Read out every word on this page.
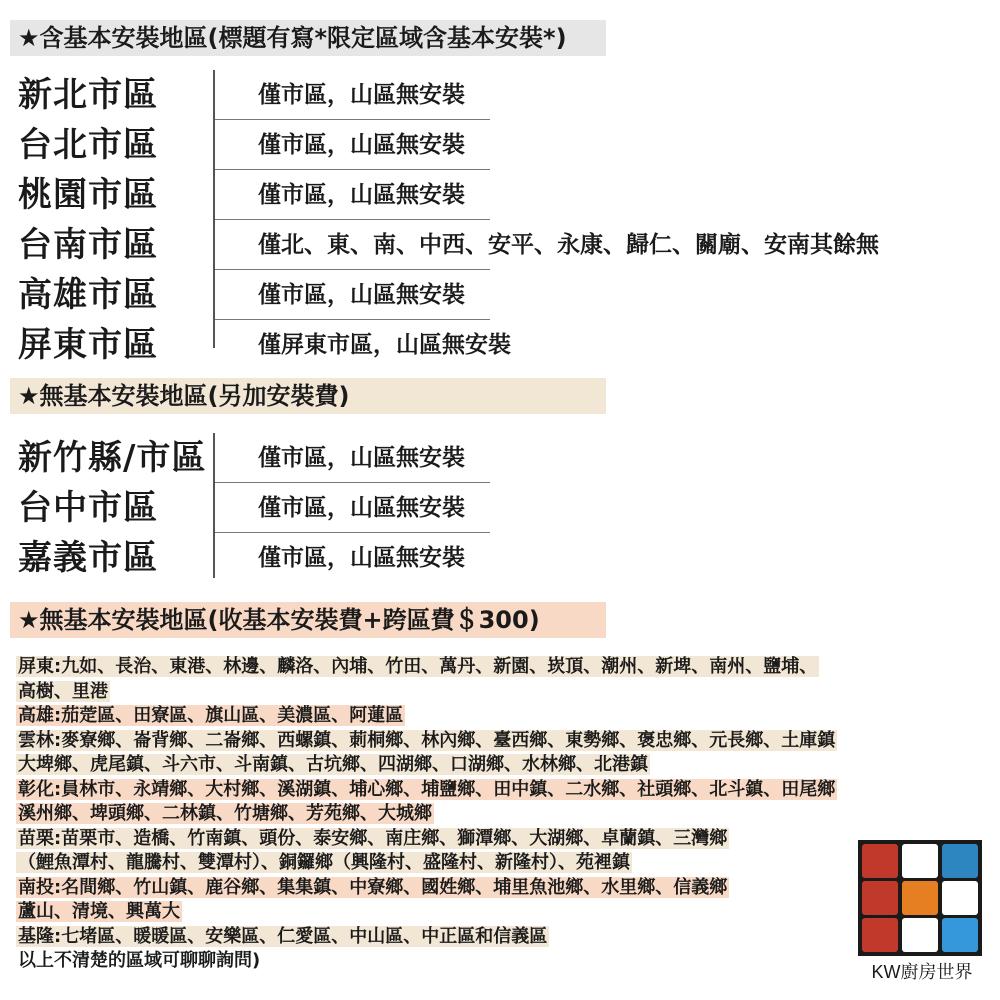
★含基本安裝地區(標題有寫*限定區域含基本安裝*)
新北市區	僅市區，山區無安裝
台北市區	僅市區，山區無安裝
桃園市區	僅市區，山區無安裝
台南市區	僅北、東、南、中西、安平、永康、歸仁、關廟、安南其餘無
高雄市區	僅市區，山區無安裝
屏東市區	僅屏東市區，山區無安裝
★無基本安裝地區(另加安裝費)
新竹縣/市區 僅市區，山區無安裝
台中市區	僅市區，山區無安裝
嘉義市區	僅市區，山區無安裝
★無基本安裝地區(收基本安裝費+跨區費＄300)
屏東:九如、長治、東港、林邊、麟洛、內埔、竹田、萬丹、新園、崁頂、潮州、新埤、南州、鹽埔、
高樹、里港
高雄:茄萣區、田寮區、旗山區、美濃區、阿蓮區
雲林:麥寮鄉、崙背鄉、二崙鄉、西螺鎮、莿桐鄉、林內鄉、臺西鄉、東勢鄉、褒忠鄉、元長鄉、土庫鎮
大埤鄉、虎尾鎮、斗六市、斗南鎮、古坑鄉、四湖鄉、口湖鄉、水林鄉、北港鎮
彰化:員林市、永靖鄉、大村鄉、溪湖鎮、埔心鄉、埔鹽鄉、田中鎮、二水鄉、社頭鄉、北斗鎮、田尾鄉
溪州鄉、埤頭鄉、二林鎮、竹塘鄉、芳苑鄉、大城鄉
苗栗:苗栗市、造橋、竹南鎮、頭份、泰安鄉、南庄鄉、獅潭鄉、大湖鄉、卓蘭鎮、三灣鄉
（鯉魚潭村、龍騰村、雙潭村）、銅鑼鄉（興隆村、盛隆村、新隆村）、苑裡鎮
南投:名間鄉、竹山鎮、鹿谷鄉、集集鎮、中寮鄉、國姓鄉、埔里魚池鄉、水里鄉、信義鄉
蘆山、清境、興萬大
基隆:七堵區、暖暖區、安樂區、仁愛區、中山區、中正區和信義區
以上不清楚的區域可聊聊詢問)
KW廚房世界
